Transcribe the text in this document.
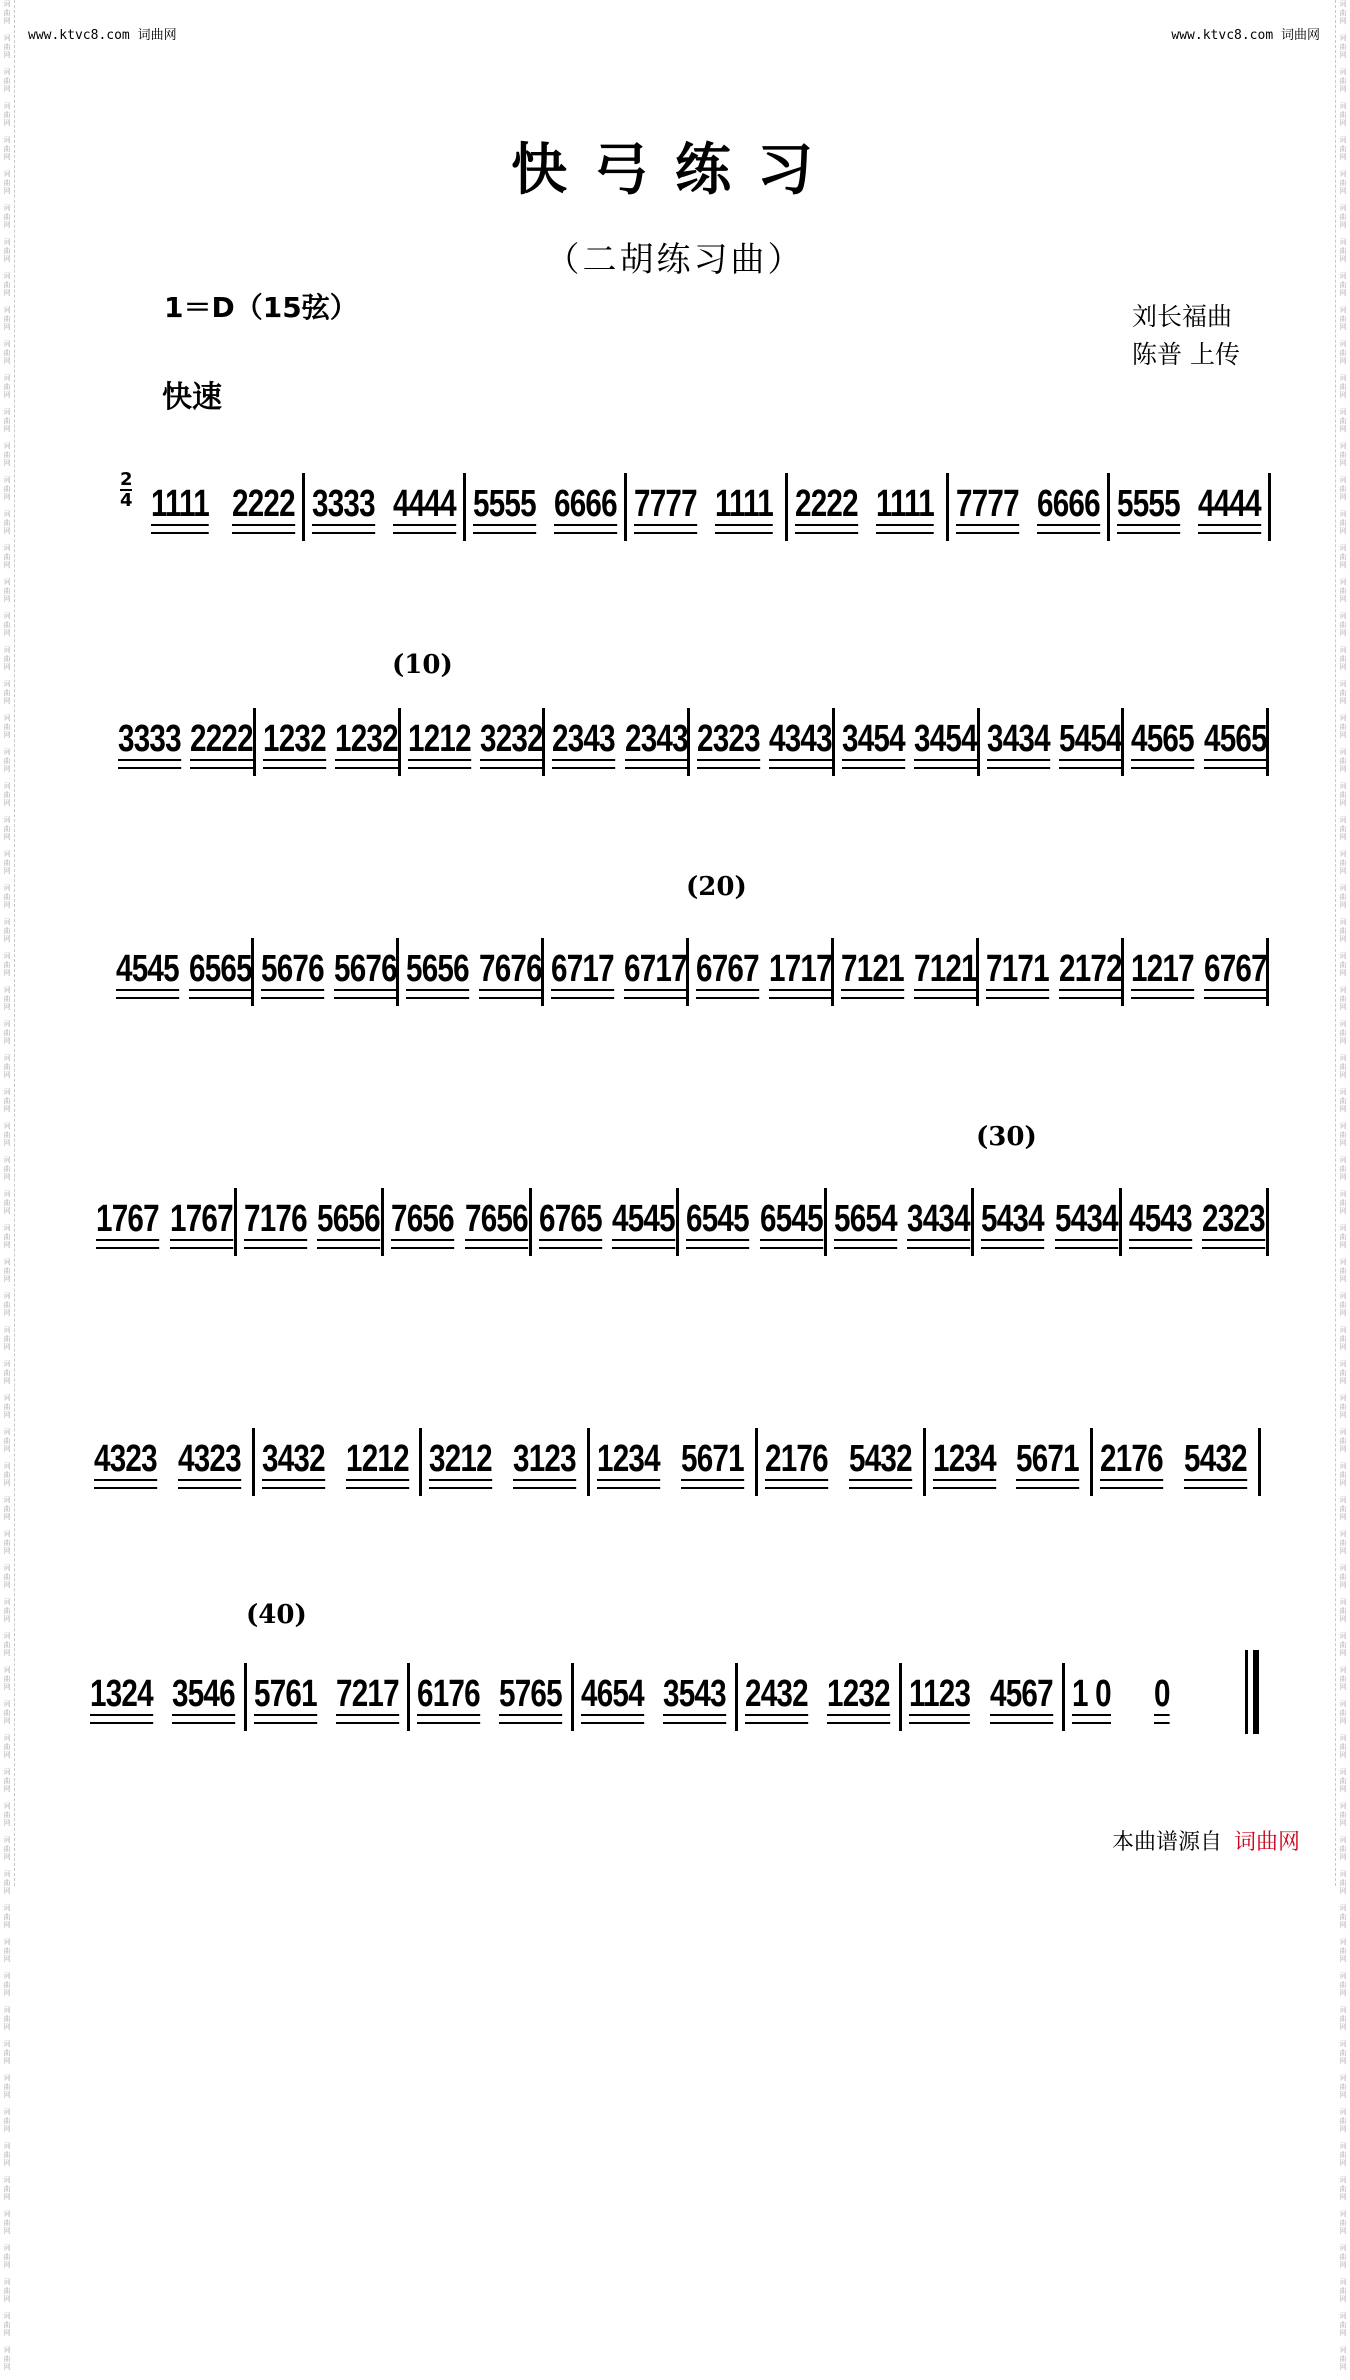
词
曲
网

词
曲
网

词
曲
网

词
曲
网

词
曲
网

词
曲
网

词
曲
网

词
曲
网

词
曲
网

词
曲
网

词
曲
网

词
曲
网

词
曲
网

词
曲
网

词
曲
网

词
曲
网

词
曲
网

词
曲
网

词
曲
网

词
曲
网

词
曲
网

词
曲
网

词
曲
网

词
曲
网

词
曲
网

词
曲
网

词
曲
网

词
曲
网

词
曲
网

词
曲
网

词
曲
网

词
曲
网

词
曲
网

词
曲
网

词
曲
网

词
曲
网

词
曲
网

词
曲
网

词
曲
网

词
曲
网

词
曲
网

词
曲
网

词
曲
网

词
曲
网

词
曲
网

词
曲
网

词
曲
网

词
曲
网

词
曲
网

词
曲
网

词
曲
网

词
曲
网

词
曲
网

词
曲
网

词
曲
网

词
曲
网

词
曲
网

词
曲
网

词
曲
网

词
曲
网

词
曲
网

词
曲
网

词
曲
网

词
曲
网

词
曲
网

词
曲
网

词
曲
网

词
曲
网

词
曲
网

词
曲
网

词
曲
网

词
曲
网

词
曲
网

词
曲
网

词
曲
网

词
曲
网

词
曲
网

词
曲
网

词
曲
网

词
曲
网

词
曲
网

词
曲
网

词
曲
网

词
曲
网

词
曲
网

词
曲
网

词
曲
网

词
曲
网

词
曲
网

词
曲
网

词
曲
网

词
曲
网

词
曲
网

词
曲
网

词
曲
网

词
曲
网

词
曲
网

词
曲
网

词
曲
网

词
曲
网

词
曲
网

词
曲
网

词
曲
网

词
曲
网

词
曲
网

词
曲
网

词
曲
网

词
曲
网

词
曲
网

词
曲
网

词
曲
网

词
曲
网

词
曲
网

词
曲
网

词
曲
网

词
曲
网

词
曲
网

词
曲
网

词
曲
网

词
曲
网

词
曲
网

词
曲
网

词
曲
网

词
曲
网

词
曲
网

词
曲
网

词
曲
网

词
曲
网

词
曲
网

词
曲
网

词
曲
网

词
曲
网

词
曲
网

词
曲
网

词
曲
网

词
曲
网

词
曲
网

词
曲
网

词
曲
网

词
曲
网

www.ktvc8.com 词曲网	www.ktvc8.com 词曲网
快弓练习
（二胡练习曲）
1＝D（15弦）	刘长福曲
陈普 上传
快速
2
4 1111 2222 3333 4444 5555 6666 7777 1111 2222 1111 7777 6666 5555 4444
3333 2222 1232 1232 1212 3232 2343 2343 2323 4343 3454 3454 3434 5454 4565 4565
4545 6565 5676 5676 5656 7676 6717 6717 6767 1717 7121 7121 7171 2172 1217 6767
1767 1767 7176 5656 7656 7656 6765 4545 6545 6545 5654 3434 5434 5434 4543 2323
4323 4323 3432 1212 3212 3123 1234 5671 2176 5432 1234 5671 2176 5432
1324 3546 5761 7217 6176 5765 4654 3543 2432 1232 1123 4567 1 0 0
(10)
(20)
(30)
(40)
本曲谱源自 词曲网
